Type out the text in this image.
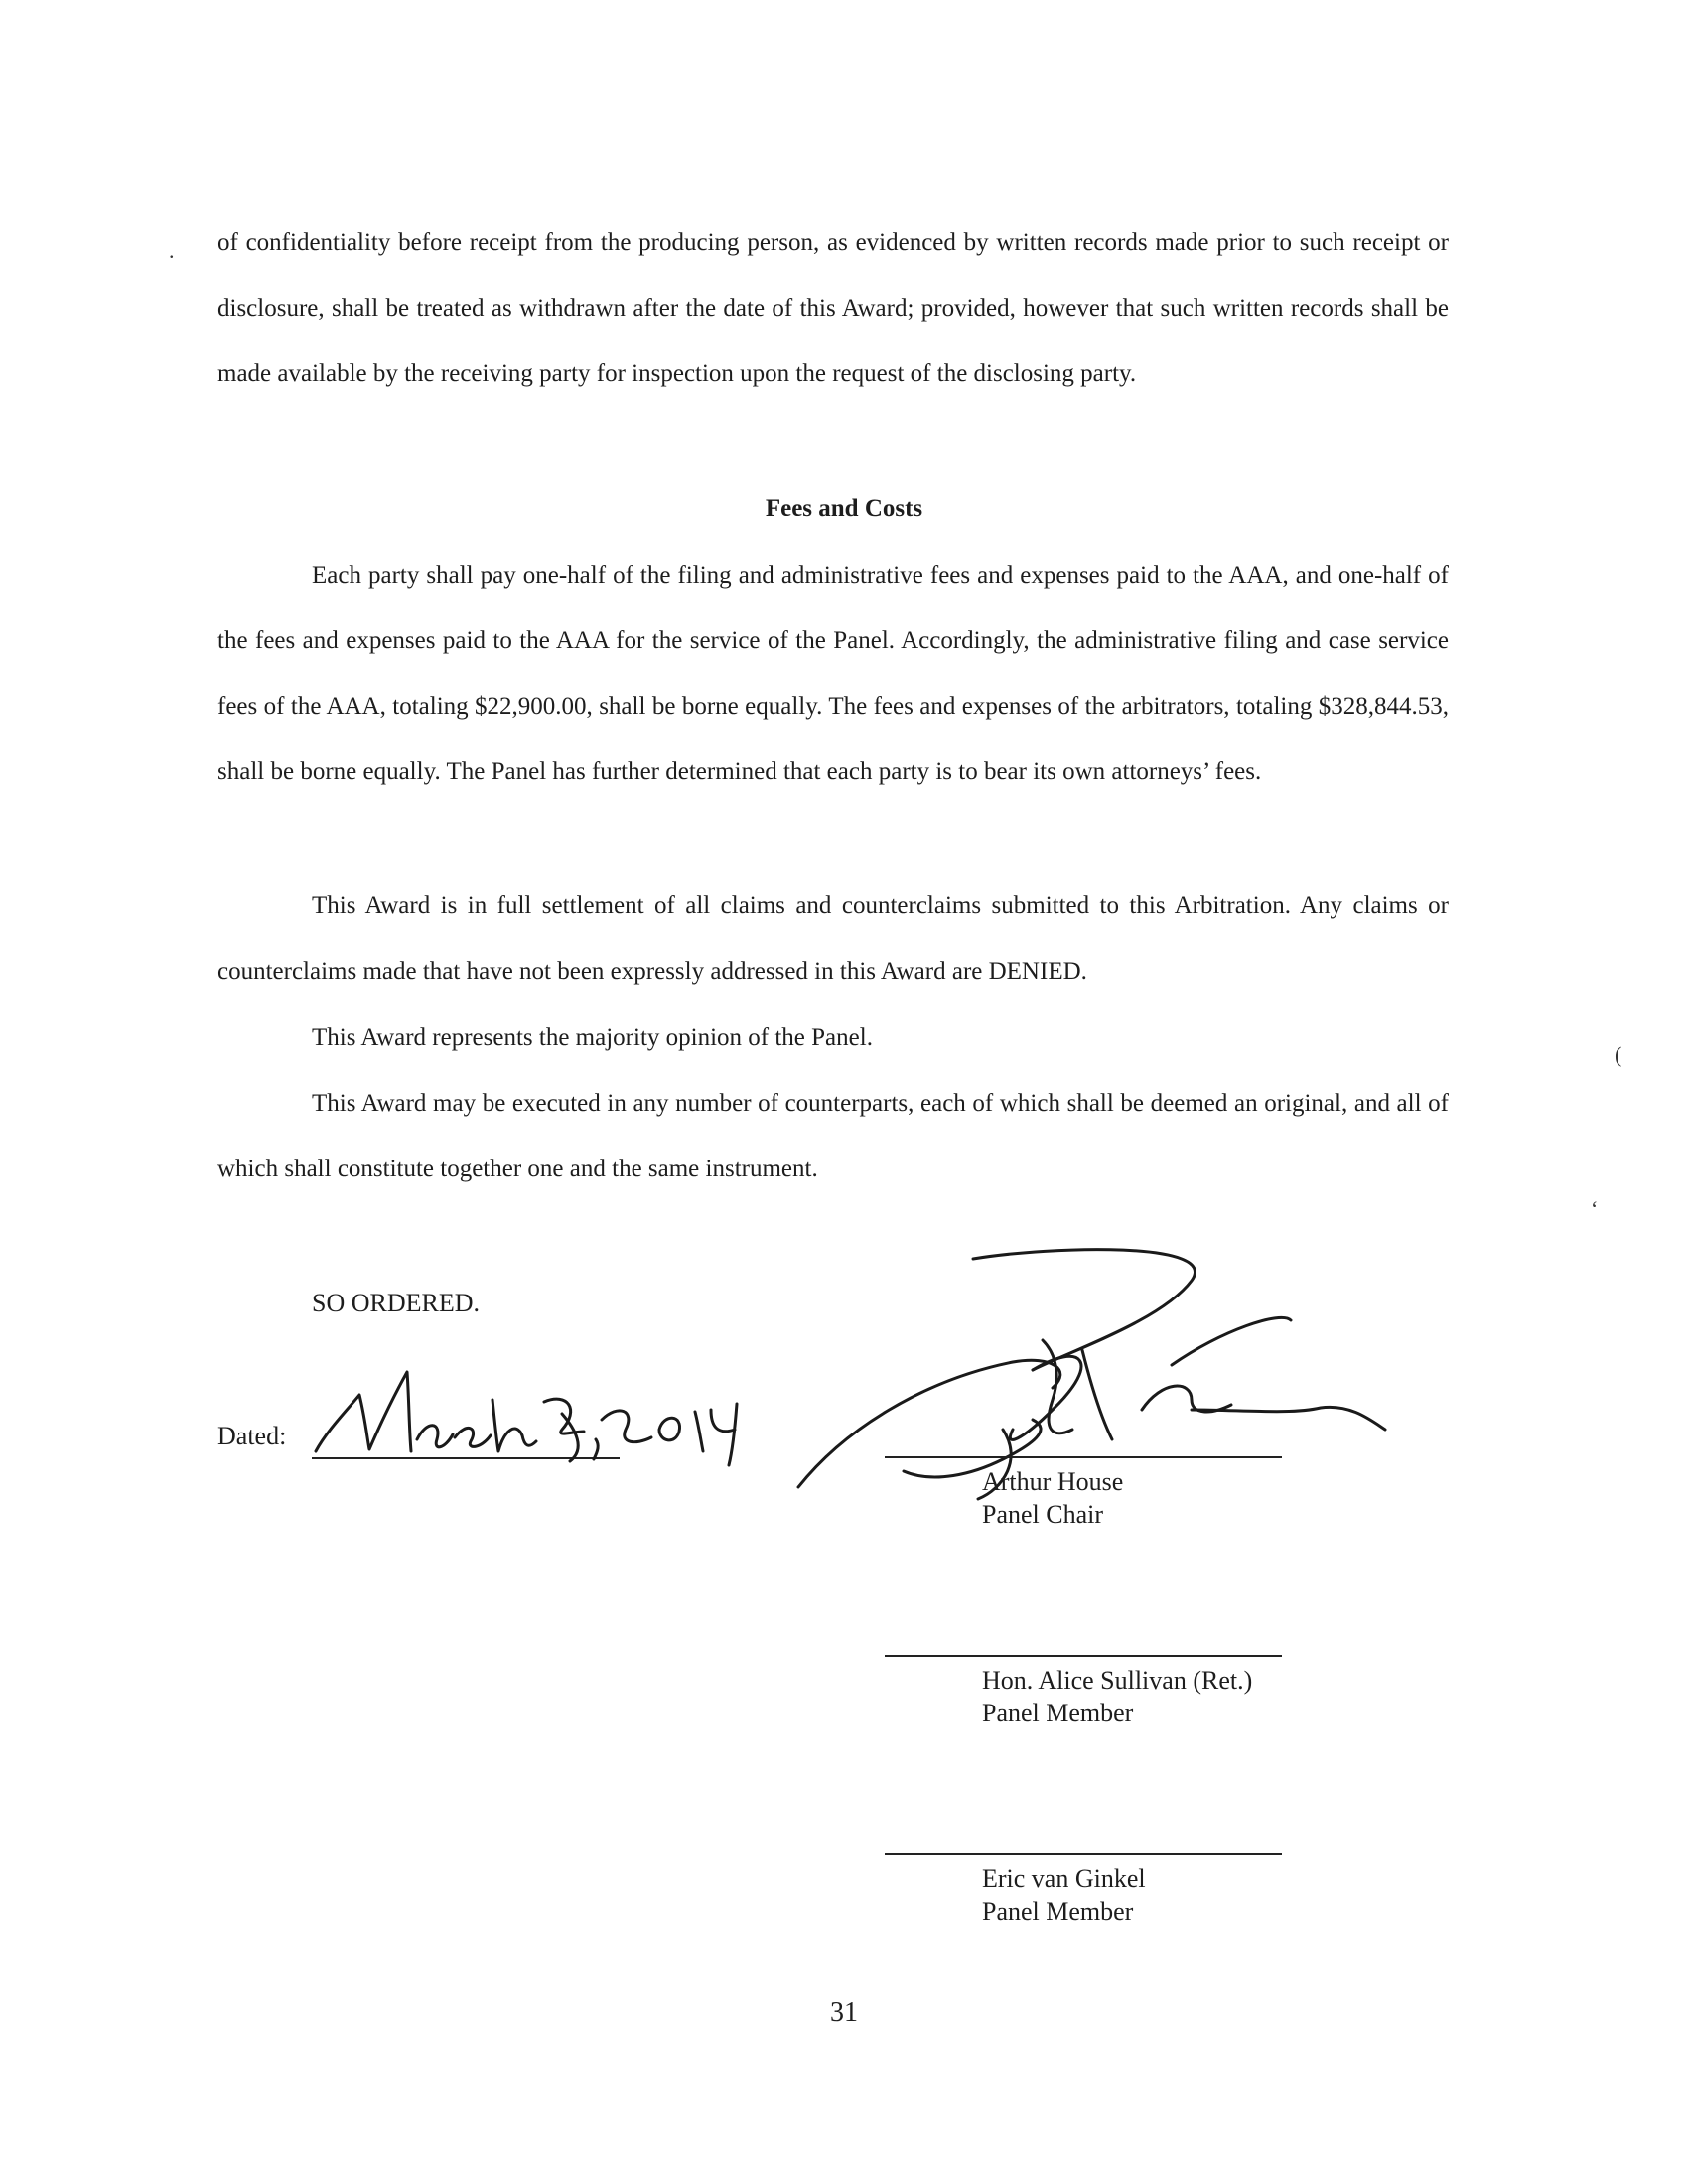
.
(
‘

of confidentiality before receipt from the producing person, as evidenced by written records made prior to such receipt or disclosure, shall be treated as withdrawn after the date of this Award; provided, however that such written records shall be made available by the receiving party for inspection upon the request of the disclosing party.

Fees and Costs

Each party shall pay one-half of the filing and administrative fees and expenses paid to the AAA, and one-half of the fees and expenses paid to the AAA for the service of the Panel. Accordingly, the administrative filing and case service fees of the AAA, totaling $22,900.00, shall be borne equally. The fees and expenses of the arbitrators, totaling $328,844.53, shall be borne equally. The Panel has further determined that each party is to bear its own attorneys’ fees.

This Award is in full settlement of all claims and counterclaims submitted to this Arbitration. Any claims or counterclaims made that have not been expressly addressed in this Award are DENIED.

This Award represents the majority opinion of the Panel.

This Award may be executed in any number of counterparts, each of which shall be deemed an original, and all of which shall constitute together one and the same instrument.

SO ORDERED.
Dated:
Arthur House
Panel Chair
Hon. Alice Sullivan (Ret.)
Panel Member
Eric van Ginkel
Panel Member
31
